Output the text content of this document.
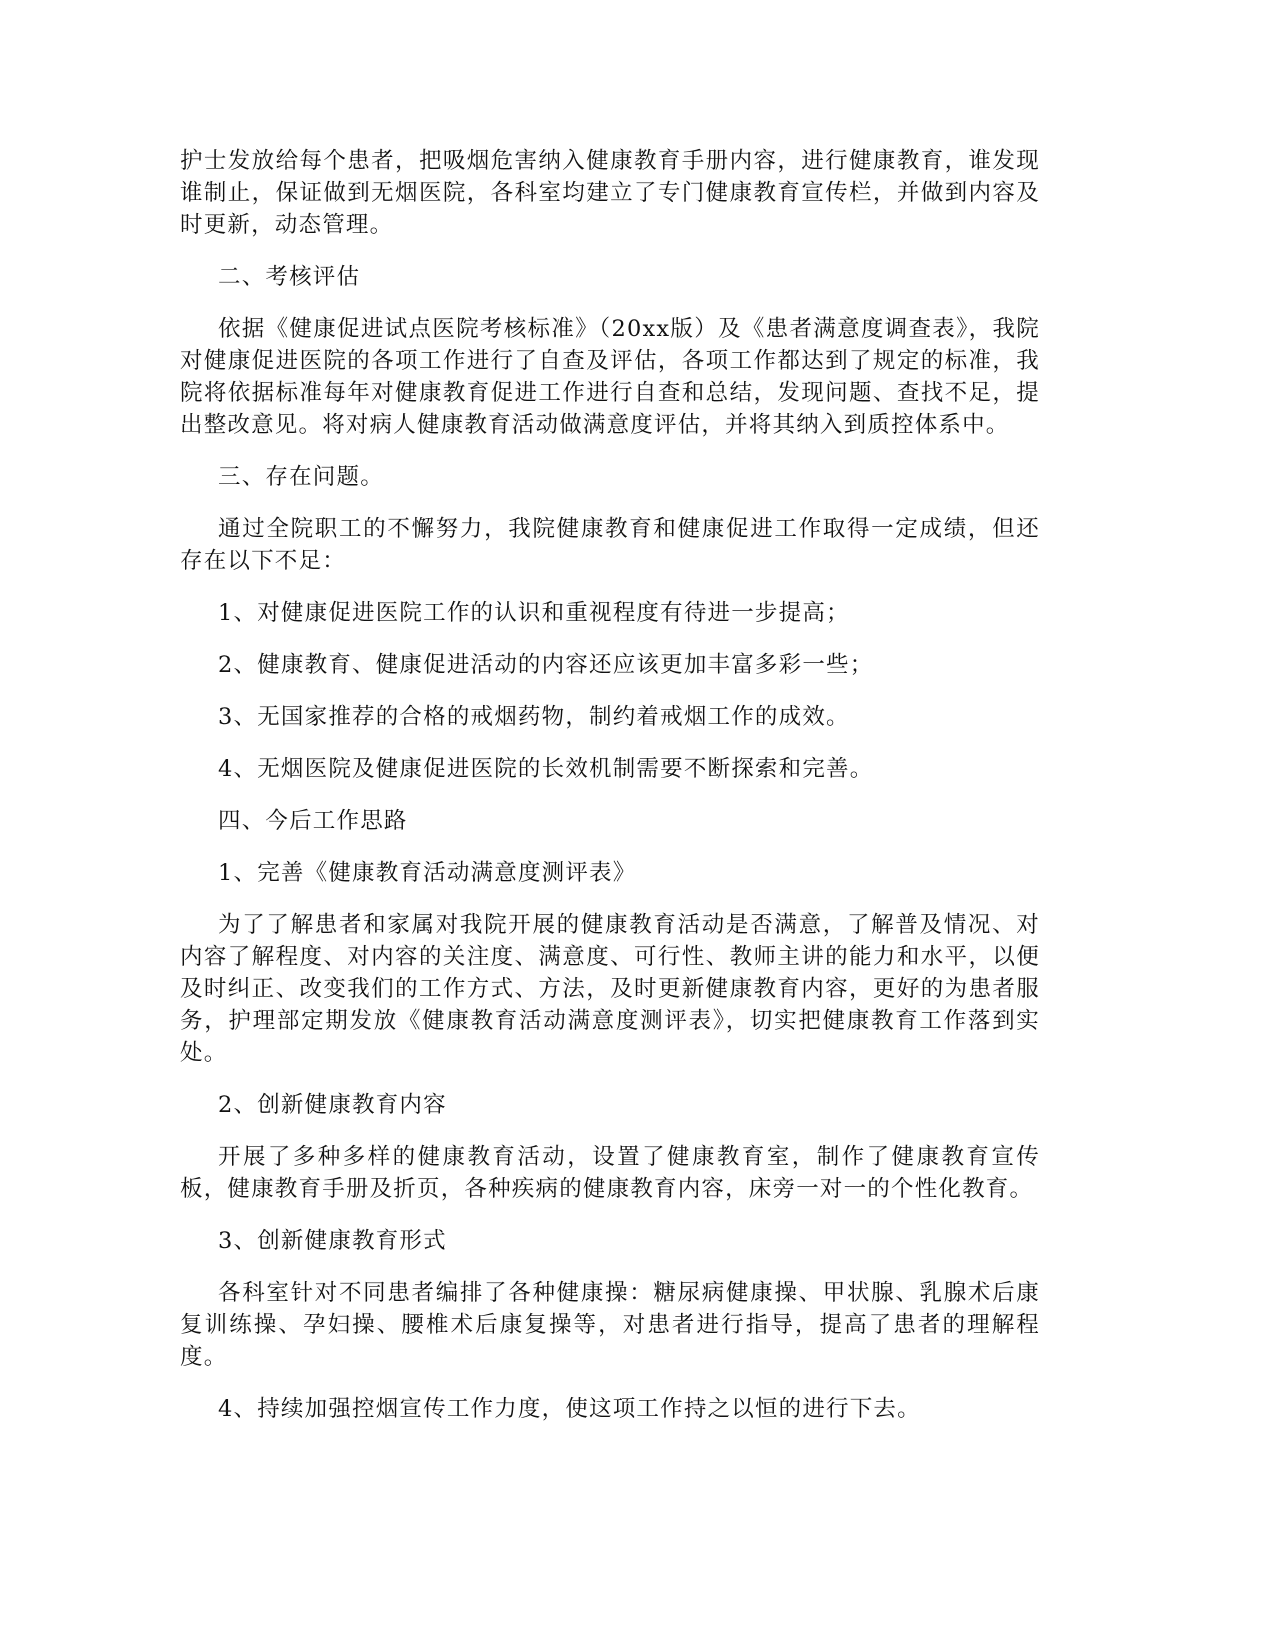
护士发放给每个患者，把吸烟危害纳入健康教育手册内容，进行健康教育，谁发现谁制止，保证做到无烟医院，各科室均建立了专门健康教育宣传栏，并做到内容及时更新，动态管理。

二、考核评估

依据《健康促进试点医院考核标准》（20xx版）及《患者满意度调查表》，我院对健康促进医院的各项工作进行了自查及评估，各项工作都达到了规定的标准，我院将依据标准每年对健康教育促进工作进行自查和总结，发现问题、查找不足，提出整改意见。将对病人健康教育活动做满意度评估，并将其纳入到质控体系中。

三、存在问题。

通过全院职工的不懈努力，我院健康教育和健康促进工作取得一定成绩，但还存在以下不足：

1、对健康促进医院工作的认识和重视程度有待进一步提高；

2、健康教育、健康促进活动的内容还应该更加丰富多彩一些；

3、无国家推荐的合格的戒烟药物，制约着戒烟工作的成效。

4、无烟医院及健康促进医院的长效机制需要不断探索和完善。

四、今后工作思路

1、完善《健康教育活动满意度测评表》

为了了解患者和家属对我院开展的健康教育活动是否满意，了解普及情况、对内容了解程度、对内容的关注度、满意度、可行性、教师主讲的能力和水平，以便及时纠正、改变我们的工作方式、方法，及时更新健康教育内容，更好的为患者服务，护理部定期发放《健康教育活动满意度测评表》，切实把健康教育工作落到实处。

2、创新健康教育内容

开展了多种多样的健康教育活动，设置了健康教育室，制作了健康教育宣传板，健康教育手册及折页，各种疾病的健康教育内容，床旁一对一的个性化教育。

3、创新健康教育形式

各科室针对不同患者编排了各种健康操：糖尿病健康操、甲状腺、乳腺术后康复训练操、孕妇操、腰椎术后康复操等，对患者进行指导，提高了患者的理解程度。

4、持续加强控烟宣传工作力度，使这项工作持之以恒的进行下去。
